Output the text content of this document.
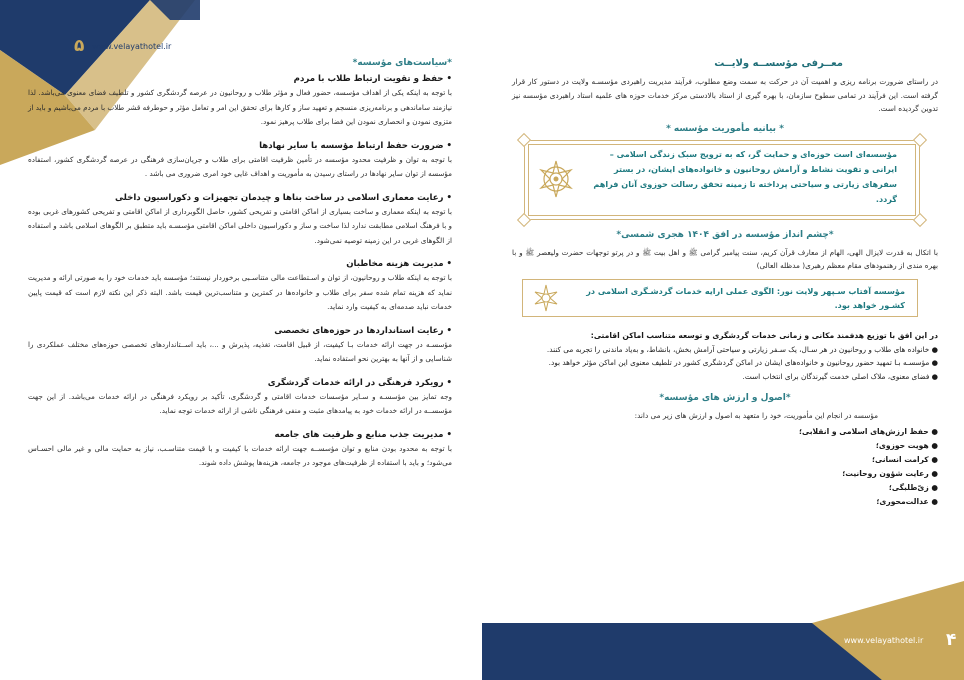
۵ www.velayathotel.ir
*سیاست‌های مؤسسه*
• حفظ و تقویت ارتباط طلاب با مردم
با توجه به اینکه یکی از اهداف مؤسسه، حضور فعال و مؤثر طلاب و روحانیون در عرصه گردشگری کشور و تلطیف فضای معنوی می‌باشد. لذا نیازمند ساماندهی و برنامه‌ریزی منسجم و تعهید ساز و کارها برای تحقق این امر و تعامل مؤثر و حوطرفه قشر طلاب با مردم می‌باشیم و باید از متزوی نمودن و انحصاری نمودن این فضا برای طلاب پرهیز نمود.
• ضرورت حفظ ارتباط مؤسسه با سایر نهادها
با توجه به توان و ظرفیت محدود مؤسسه در تأمین ظرفیت اقامتی برای طلاب و جریان‌سازی فرهنگی در عرصه گردشگری کشور، استفاده مؤسسه از توان سایر نهادها در راستای رسیدن به مأموریت و اهداف غایی خود امری ضروری می باشد .
• رعایت معماری اسلامی در ساخت بناها و چیدمان تجهیزات و دکوراسیون داخلی
با توجه به اینکه معماری و ساخت بسیاری از اماکن اقامتی و تفریحی کشور، حاصل الگوبرداری از اماکن اقامتی و تفریحی کشورهای غربی بوده و با فرهنگ اسلامی مطابقت ندارد لذا ساخت و ساز و دکوراسیون داخلی اماکن اقامتی مؤسسـه باید متطبق بر الگوهای اسلامی باشد و استفاده از الگوهای غربی در این زمینه توصیه نمی‌شود.
• مدیریت هزینه مخاطبان
با توجه به اینکه طلاب و روحانیون، از توان و اسـتطاعت مالی متناسـبی برخوردار نیستند؛ مؤسسه باید خدمات خود را به صورتی ارائه و مدیریت نماید که هزینه تمام شده سفر برای طلاب و خانواده‌ها در کمترین و متناسب‌ترین قیمت باشد. البته ذکر این نکته لازم است که قیمت پایین خدمات نباید صدمه‌ای به کیفیت وارد نماید.
• رعایت استانداردها در حوزه‌های تخصصی
مؤسسـه در جهت ارائه خدمات بـا کیفیت، از قبیل اقامت، تغذیه، پذیرش و ...، باید اســتانداردهای تخصصی حوزه‌های مختلف عملکردی را شناسایی و از آنها به بهترین نحو استفاده نماید.
• رویکرد فرهنگی در ارائه خدمات گردشگری
وجه تمایز بین مؤسسـه و سـایر مؤسسات خدمات اقامتی و گردشگری، تأکید بر رویکرد فرهنگی در ارائه خدمات می‌باشد. از این جهت مؤسســه در ارائه خدمات خود به پیامدهای مثبت و منفی فرهنگی ناشی از ارائه خدمات توجه نماید.
• مدیریت جذب منابع و ظرفیت های جامعه
با توجه به محدود بودن منابع و توان مؤسســه جهت ارائه خدمات با کیفیت و با قیمت متناسـب، نیاز به حمایت مالی و غیر مالی احسـاس می‌شود؛ و باید با استفاده از ظرفیت‌های موجود در جامعه، هزینه‌ها پوشش داده شوند.
۴
www.velayathotel.ir
معــرفی مؤسســه ولایــت
در راستای ضرورت برنامه ریزی و اهمیت آن در حرکت به سمت وضع مطلوب، فرآیند مدیریت راهبردی مؤسسـه ولایت در دستور کار قرار گرفته است. این فرآیند در تمامی سطوح سازمان، با بهره گیری از استاد بالادستی مرکز خدمات حوزه های علمیه استاد راهبردی مؤسسه نیز تدوین گردیده است.
* بیانیه مأموریت مؤسسه *
مؤسسه‌ای است حوزه‌ای و حمایت گر، که به ترویج سبک زندگی اسلامی – ایرانی و تقویت نشاط و آرامش روحانیون و خانواده‌های ایشان، در بستر سفرهای زیارتی و سیاحتی پرداخته تا زمینه تحقق رسالت حوزوی آنان فراهم گردد.
*چشم انداز مؤسسه در افق ۱۴۰۴ هجری شمسی*
با اتکال به قدرت لایزال الهی، الهام از معارف قرآن کریم، سنت پیامبر گرامی ﷺ و اهل بیت ﷺ و در پرتو توجهات حضرت ولیعصر ﷺ و با بهره مندی از رهنمودهای مقام معظم رهبری( مدظله العالی)
مؤسسه آفتاب سـپهر ولایت نور: الگوی عملی ارایه خدمات گردشـگری اسلامی در کشـور خواهد بود.
در این افق با توزیع هدفمند مکانی و زمانی خدمات گردشگری و توسعه متناسب اماکن اقامتی:
● خانواده های طلاب و روحانیون در هر سـال، یک سـفر زیارتی و سیاحتی آرامش بخش، بانشاط، و به‌یاد ماندنی را تجربه می کنند.
● مؤسسـه بـا تمهید حضور روحانیون و خانواده‌های ایشان در اماکن گردشگری کشور در تلطیف معنوی این اماکن مؤثر خواهد بود.
● فضای معنوی، ملاک اصلی خدمت گیرندگان برای انتخاب است.
*اصول و ارزش های مؤسسه*
مؤسسه در انجام این مأموریت، خود را متعهد به اصول و ارزش های زیر می داند:
● حفظ ارزش‌های اسلامی و انقلابی؛
● هویت حوزوی؛
● کرامت انسانی؛
● رعایت شؤون روحانیت؛
● زیّ‌طلبگی؛
● عدالت‌محوری؛
